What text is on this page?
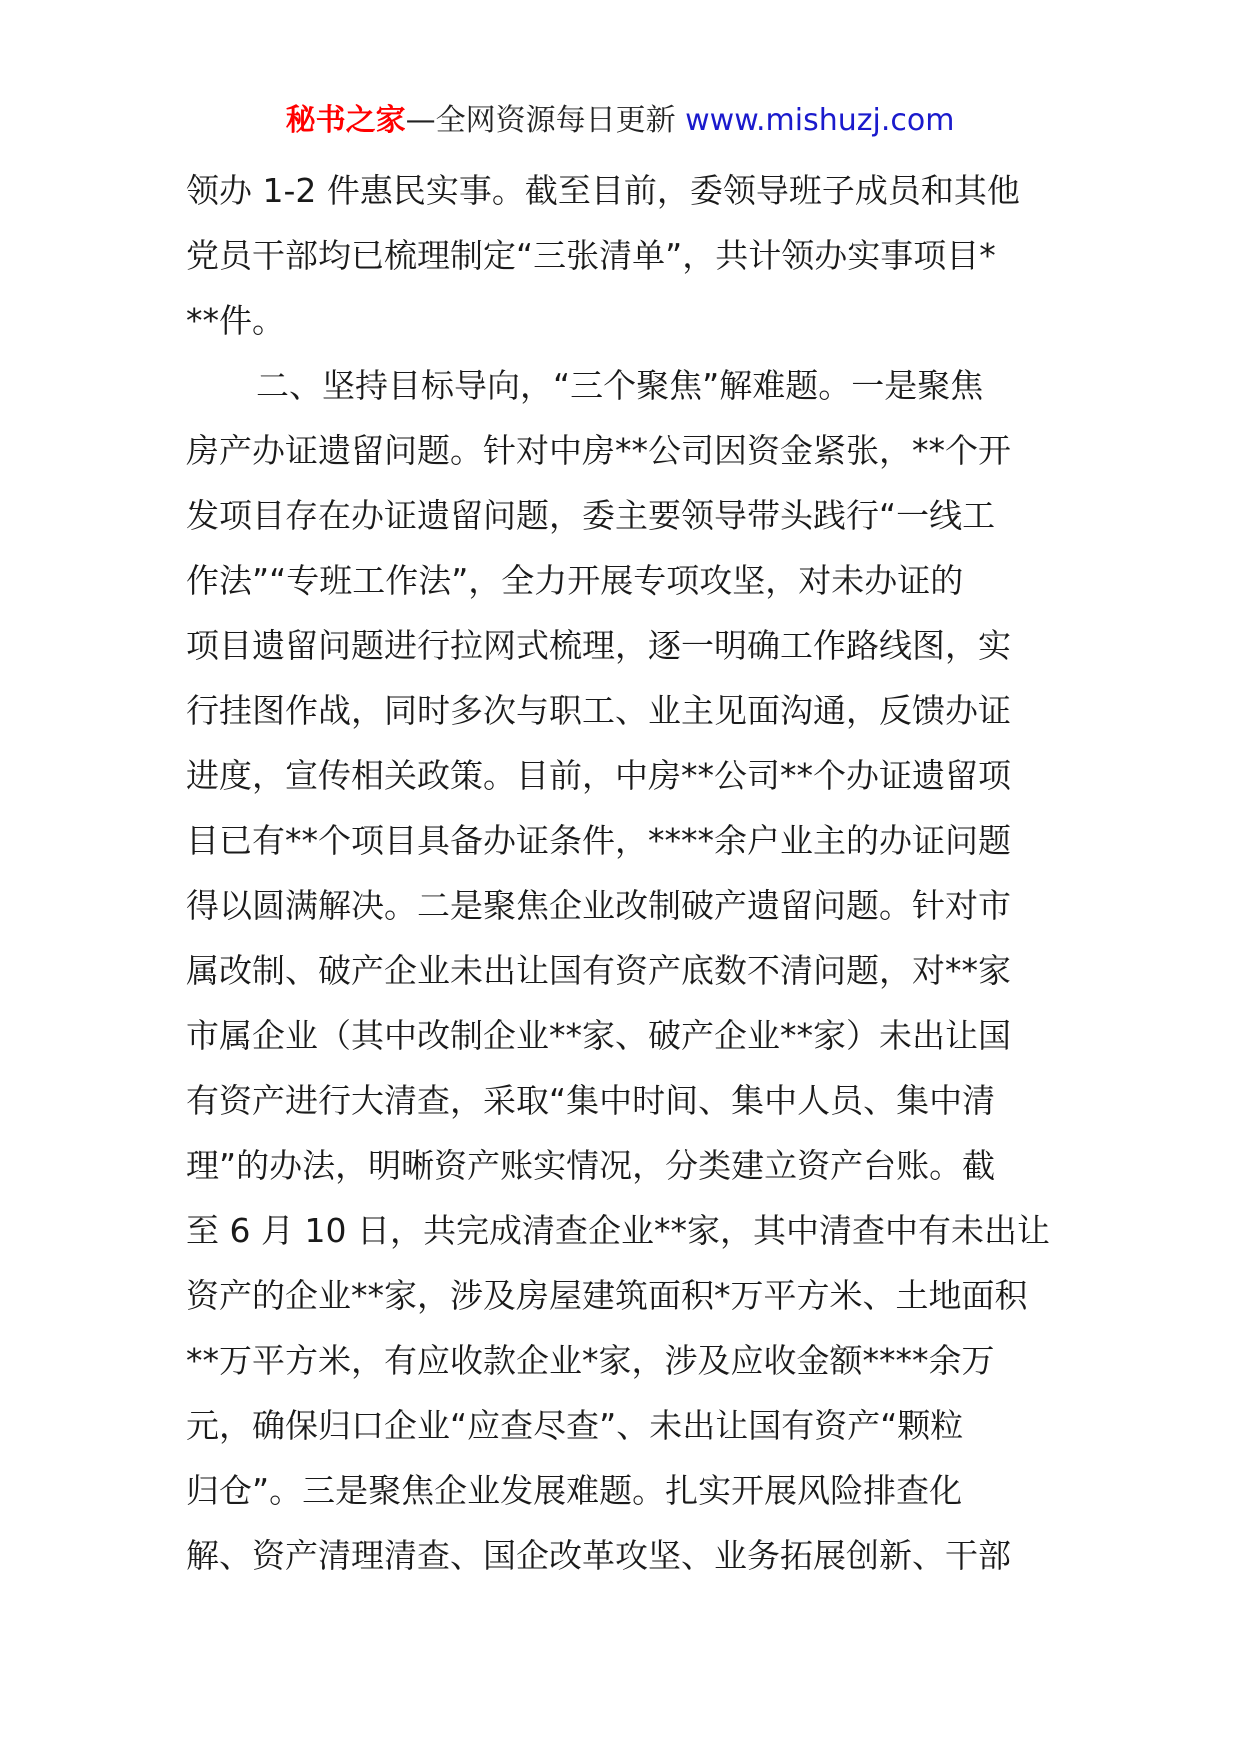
秘书之家—全网资源每日更新 www.mishuzj.com
领办 1-2 件惠民实事。截至目前，委领导班子成员和其他
党员干部均已梳理制定“三张清单”，共计领办实事项目*
**件。
二、坚持目标导向，“三个聚焦”解难题。一是聚焦
房产办证遗留问题。针对中房**公司因资金紧张，**个开
发项目存在办证遗留问题，委主要领导带头践行“一线工
作法”“专班工作法”，全力开展专项攻坚，对未办证的
项目遗留问题进行拉网式梳理，逐一明确工作路线图，实
行挂图作战，同时多次与职工、业主见面沟通，反馈办证
进度，宣传相关政策。目前，中房**公司**个办证遗留项
目已有**个项目具备办证条件，****余户业主的办证问题
得以圆满解决。二是聚焦企业改制破产遗留问题。针对市
属改制、破产企业未出让国有资产底数不清问题，对**家
市属企业（其中改制企业**家、破产企业**家）未出让国
有资产进行大清查，采取“集中时间、集中人员、集中清
理”的办法，明晰资产账实情况，分类建立资产台账。截
至 6 月 10 日，共完成清查企业**家，其中清查中有未出让
资产的企业**家，涉及房屋建筑面积*万平方米、土地面积
**万平方米，有应收款企业*家，涉及应收金额****余万
元，确保归口企业“应查尽查”、未出让国有资产“颗粒
归仓”。三是聚焦企业发展难题。扎实开展风险排查化
解、资产清理清查、国企改革攻坚、业务拓展创新、干部
